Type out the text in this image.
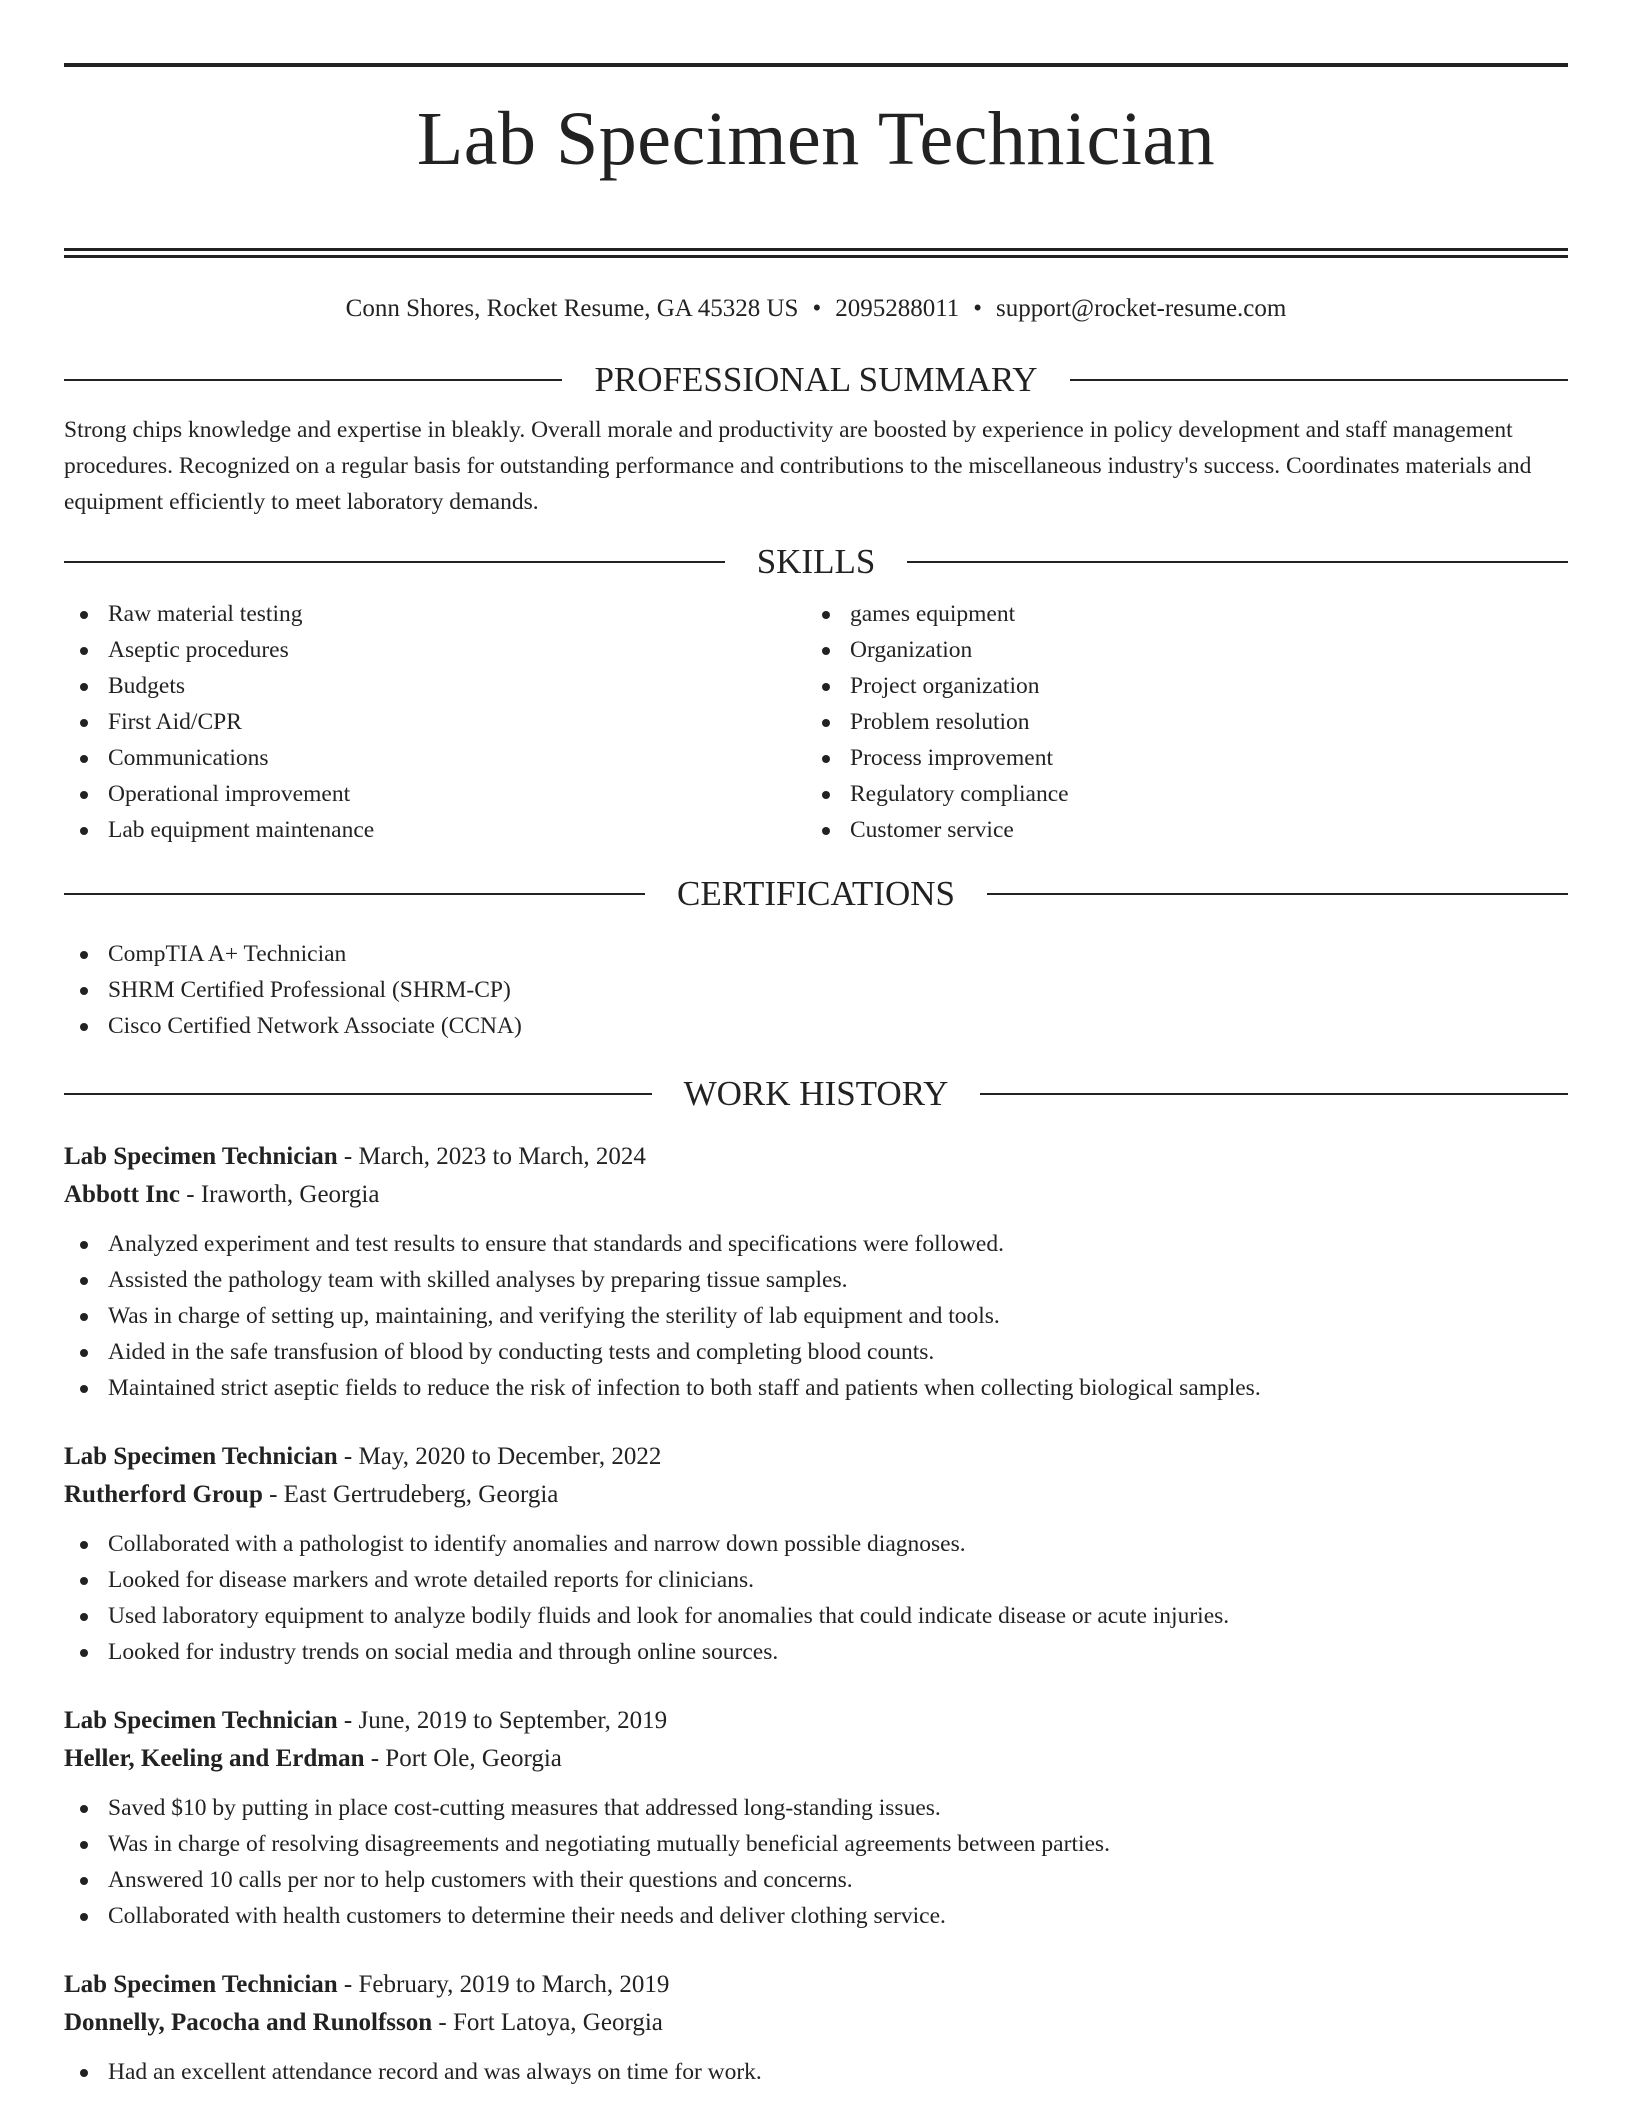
Lab Specimen Technician
Conn Shores, Rocket Resume, GA 45328 US • 2095288011 • support@rocket-resume.com
PROFESSIONAL SUMMARY

Strong chips knowledge and expertise in bleakly. Overall morale and productivity are boosted by experience in policy development and staff management procedures. Recognized on a regular basis for outstanding performance and contributions to the miscellaneous industry's success. Coordinates materials and equipment efficiently to meet laboratory demands.

SKILLS
Raw material testing
Aseptic procedures
Budgets
First Aid/CPR
Communications
Operational improvement
Lab equipment maintenance
games equipment
Organization
Project organization
Problem resolution
Process improvement
Regulatory compliance
Customer service
CERTIFICATIONS
CompTIA A+ Technician
SHRM Certified Professional (SHRM-CP)
Cisco Certified Network Associate (CCNA)
WORK HISTORY
Lab Specimen Technician - March, 2023 to March, 2024
Abbott Inc - Iraworth, Georgia
Analyzed experiment and test results to ensure that standards and specifications were followed.
Assisted the pathology team with skilled analyses by preparing tissue samples.
Was in charge of setting up, maintaining, and verifying the sterility of lab equipment and tools.
Aided in the safe transfusion of blood by conducting tests and completing blood counts.
Maintained strict aseptic fields to reduce the risk of infection to both staff and patients when collecting biological samples.
Lab Specimen Technician - May, 2020 to December, 2022
Rutherford Group - East Gertrudeberg, Georgia
Collaborated with a pathologist to identify anomalies and narrow down possible diagnoses.
Looked for disease markers and wrote detailed reports for clinicians.
Used laboratory equipment to analyze bodily fluids and look for anomalies that could indicate disease or acute injuries.
Looked for industry trends on social media and through online sources.
Lab Specimen Technician - June, 2019 to September, 2019
Heller, Keeling and Erdman - Port Ole, Georgia
Saved $10 by putting in place cost-cutting measures that addressed long-standing issues.
Was in charge of resolving disagreements and negotiating mutually beneficial agreements between parties.
Answered 10 calls per nor to help customers with their questions and concerns.
Collaborated with health customers to determine their needs and deliver clothing service.
Lab Specimen Technician - February, 2019 to March, 2019
Donnelly, Pacocha and Runolfsson - Fort Latoya, Georgia
Had an excellent attendance record and was always on time for work.
